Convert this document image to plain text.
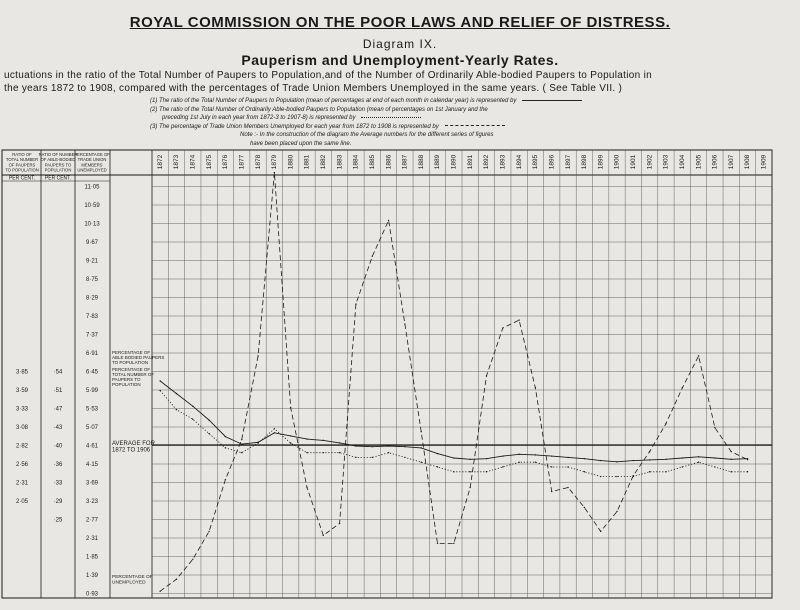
ROYAL COMMISSION ON THE POOR LAWS AND RELIEF OF DISTRESS.
Diagram IX.
Pauperism and Unemployment-Yearly Rates.
uctuations in the ratio of the Total Number of Paupers to Population,and of the Number of Ordinarily Able-bodied Paupers to Population in
the years 1872 to 1908, compared with the percentages of Trade Union Members Unemployed in the same years. ( See Table VII. )
(1) The ratio of the Total Number of Paupers to Population (mean of percentages at end of each month in calendar year) is represented by
(2) The ratio of the Total Number of Ordinarily Able-bodied Paupers to Population (mean of percentages on 1st January and the
preceding 1st July in each year from 1872-3 to 1907-8) is represented by
(3) The percentage of Trade Union Members Unemployed for each year from 1872 to 1908 is represented by
Note :- In the construction of the diagram the Average numbers for the different series of figures
have been placed upon the same line.
1872 1873 1874 1875 1876 1877 1878 1879 1880 1881 1882 1883 1884 1885 1886 1887 1888 1889 1890 1891 1892 1893 1894 1895 1896 1897 1898 1899 1900 1901 1902 1903 1904 1905 1906 1907 1908 1909
11·05
10·59
10·13
9·67
9·21
8·75
8·29
7·83
7·37
6·91
6·45
5·99
5·53
5·07
4·61
4·15
3·69
3·23
2·77
2·31
1·85
1·39
0·93
3·85
3·59
3·33
3·08
2·82
2·56
2·31
2·05
·54
·51
·47
·43
·40
·36
·33
·29
·25
RATIO OF
TOTAL NUMBER
OF PAUPERS
TO POPULATION
RATIO OF NUMBER
OF ABLE-BODIED
PAUPERS TO
POPULATION
PERCENTAGE OF
TRADE UNION
MEMBERS
UNEMPLOYED
PER CENT. PER CENT.
PERCENTAGE OF
ABLE BODIED PAUPERS
TO POPULATION
PERCENTAGE OF
TOTAL NUMBER OF
PAUPERS TO
POPULATION
AVERAGE FOR
1872 TO 1906
PERCENTAGE OF
UNEMPLOYED
